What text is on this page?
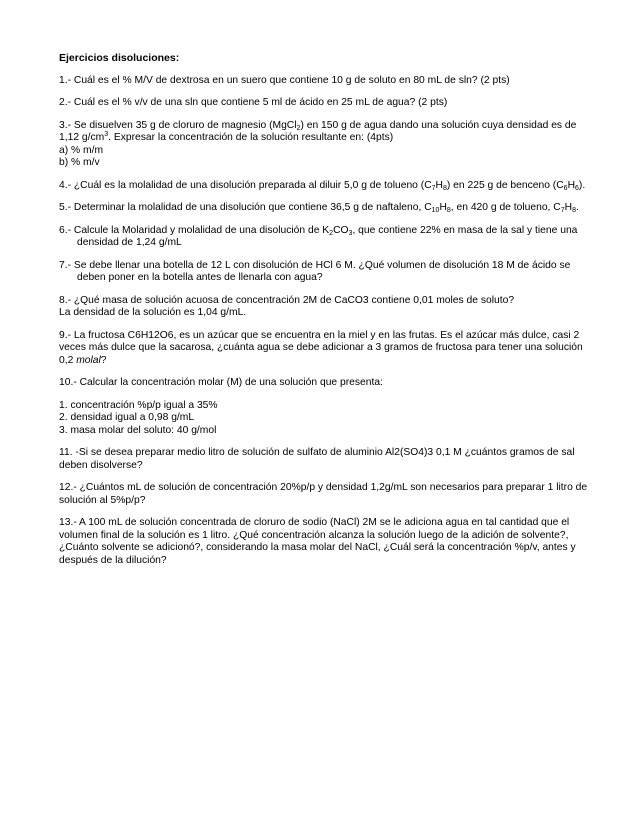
Ejercicios disoluciones:

1.- Cuál es el % M/V de dextrosa en un suero que contiene 10 g de soluto en 80 mL de sln? (2 pts)

2.- Cuál es el % v/v de una sln que contiene 5 ml de ácido en 25 mL de agua? (2 pts)

3.- Se disuelven 35 g de cloruro de magnesio (MgCl$_2$) en 150 g de agua dando una solución cuya densidad es de 1,12 $g/cm^3$. Expresar la concentración de la solución resultante en: (4pts)

a) % m/m

b) % m/v

4.- ¿Cuál es la molalidad de una disolución preparada al diluir 5,0 g de tolueno $(C_7H_8)$ en 225 g de benceno $(C_6H_6)$.

5.- Determinar la molalidad de una disolución que contiene 36,5 g de naftaleno, $C_{10}H_8$, en 420 g de tolueno, $C_7H_8$.

6.- Calcule la Molaridad y molalidad de una disolución de $K_2CO_3$, que contiene 22% en masa de la sal y tiene una densidad de 1,24 g/mL

7.- Se debe llenar una botella de 12 L con disolución de HCl 6 M. ¿Qué volumen de disolución 18 M de ácido se deben poner en la botella antes de llenarla con agua?

8.- ¿Qué masa de solución acuosa de concentración 2M de CaCO3 contiene 0,01 moles de soluto?

La densidad de la solución es 1,04 g/mL.

9.- La fructosa C6H12O6, es un azúcar que se encuentra en la miel y en las frutas. Es el azúcar más dulce, casi 2 veces más dulce que la sacarosa, ¿cuánta agua se debe adicionar a 3 gramos de fructosa para tener una solución 0,2 molal?

10.- Calcular la concentración molar (M) de una solución que presenta:

1. concentración %p/p igual a 35%

2. densidad igual a 0,98 g/mL

3. masa molar del soluto: 40 g/mol

11. -Si se desea preparar medio litro de solución de sulfato de aluminio Al2(SO4)3 0,1 M ¿cuántos gramos de sal deben disolverse?

12.- ¿Cuántos mL de solución de concentración 20%p/p y densidad 1,2g/mL son necesarios para preparar 1 litro de solución al 5%p/p?

13.- A 100 mL de solución concentrada de cloruro de sodio (NaCl) 2M se le adiciona agua en tal cantidad que el volumen final de la solución es 1 litro. ¿Qué concentración alcanza la solución luego de la adición de solvente?, ¿Cuánto solvente se adicionó?, considerando la masa molar del NaCl, ¿Cuál será la concentración %p/v, antes y después de la dilución?
